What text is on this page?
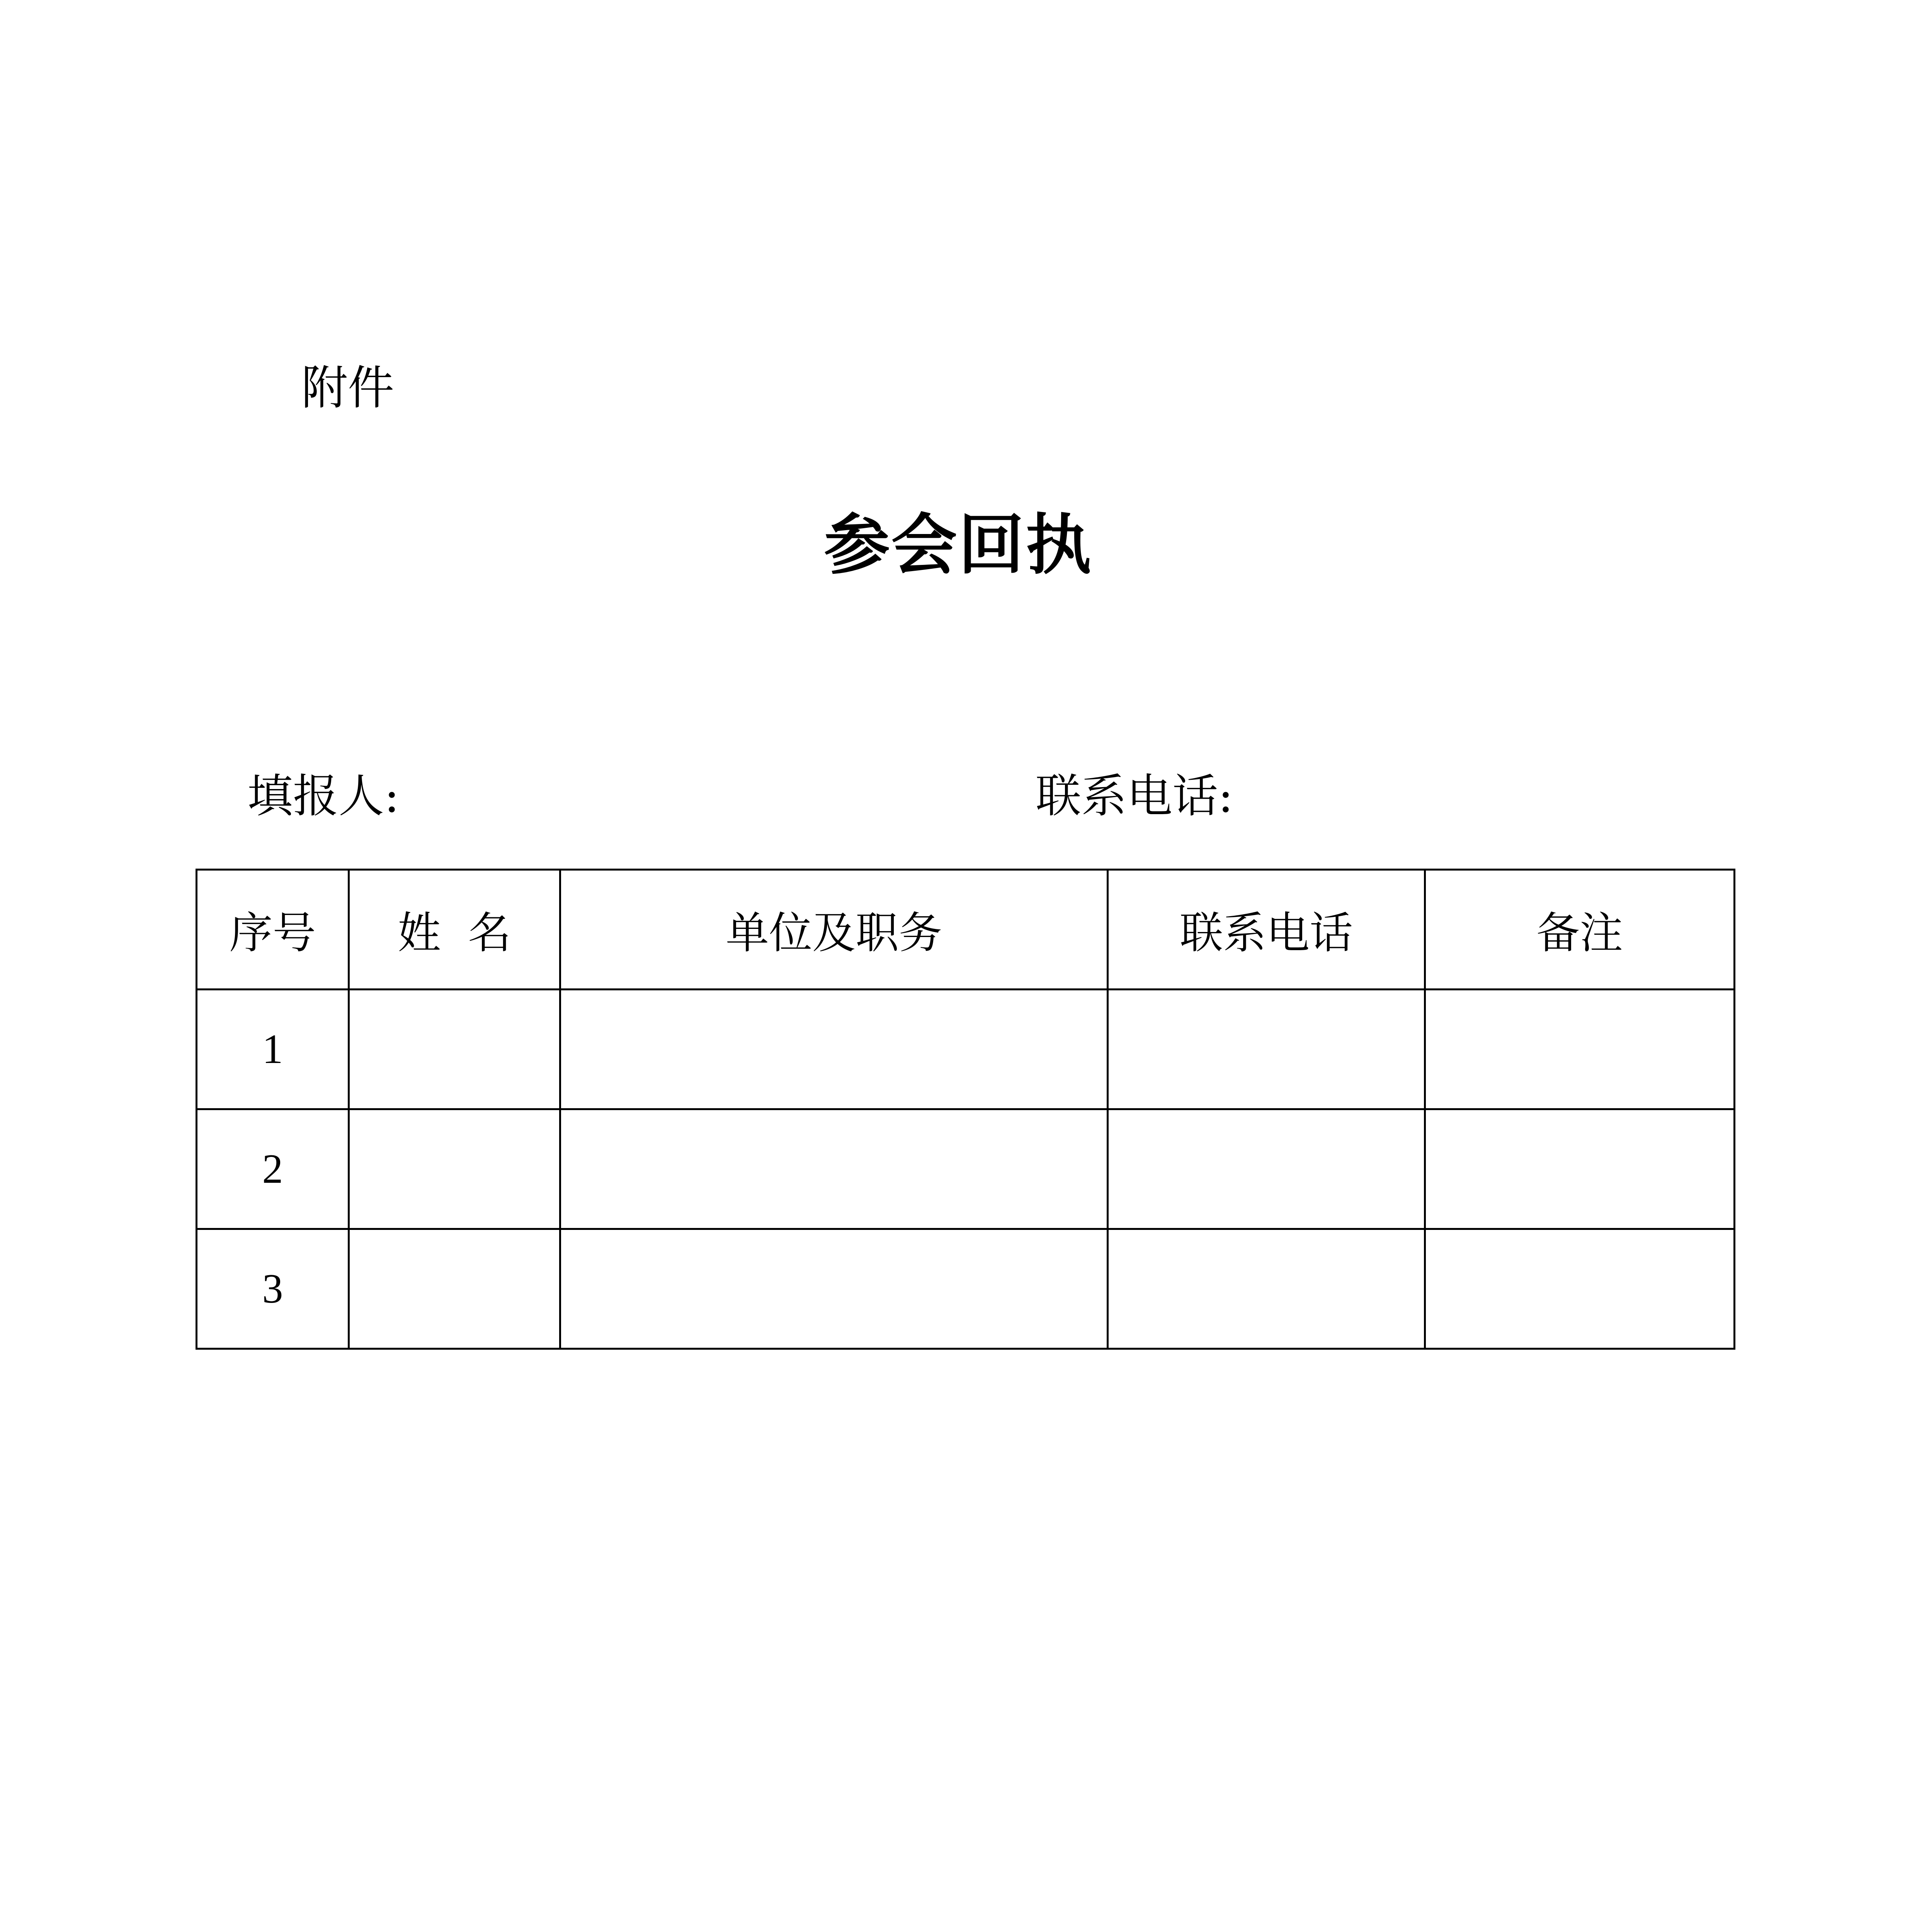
附件
参会回执
填报人:	联系电话:
序号	姓名	单位及职务	联系电话	备注
1				
2				
3				
